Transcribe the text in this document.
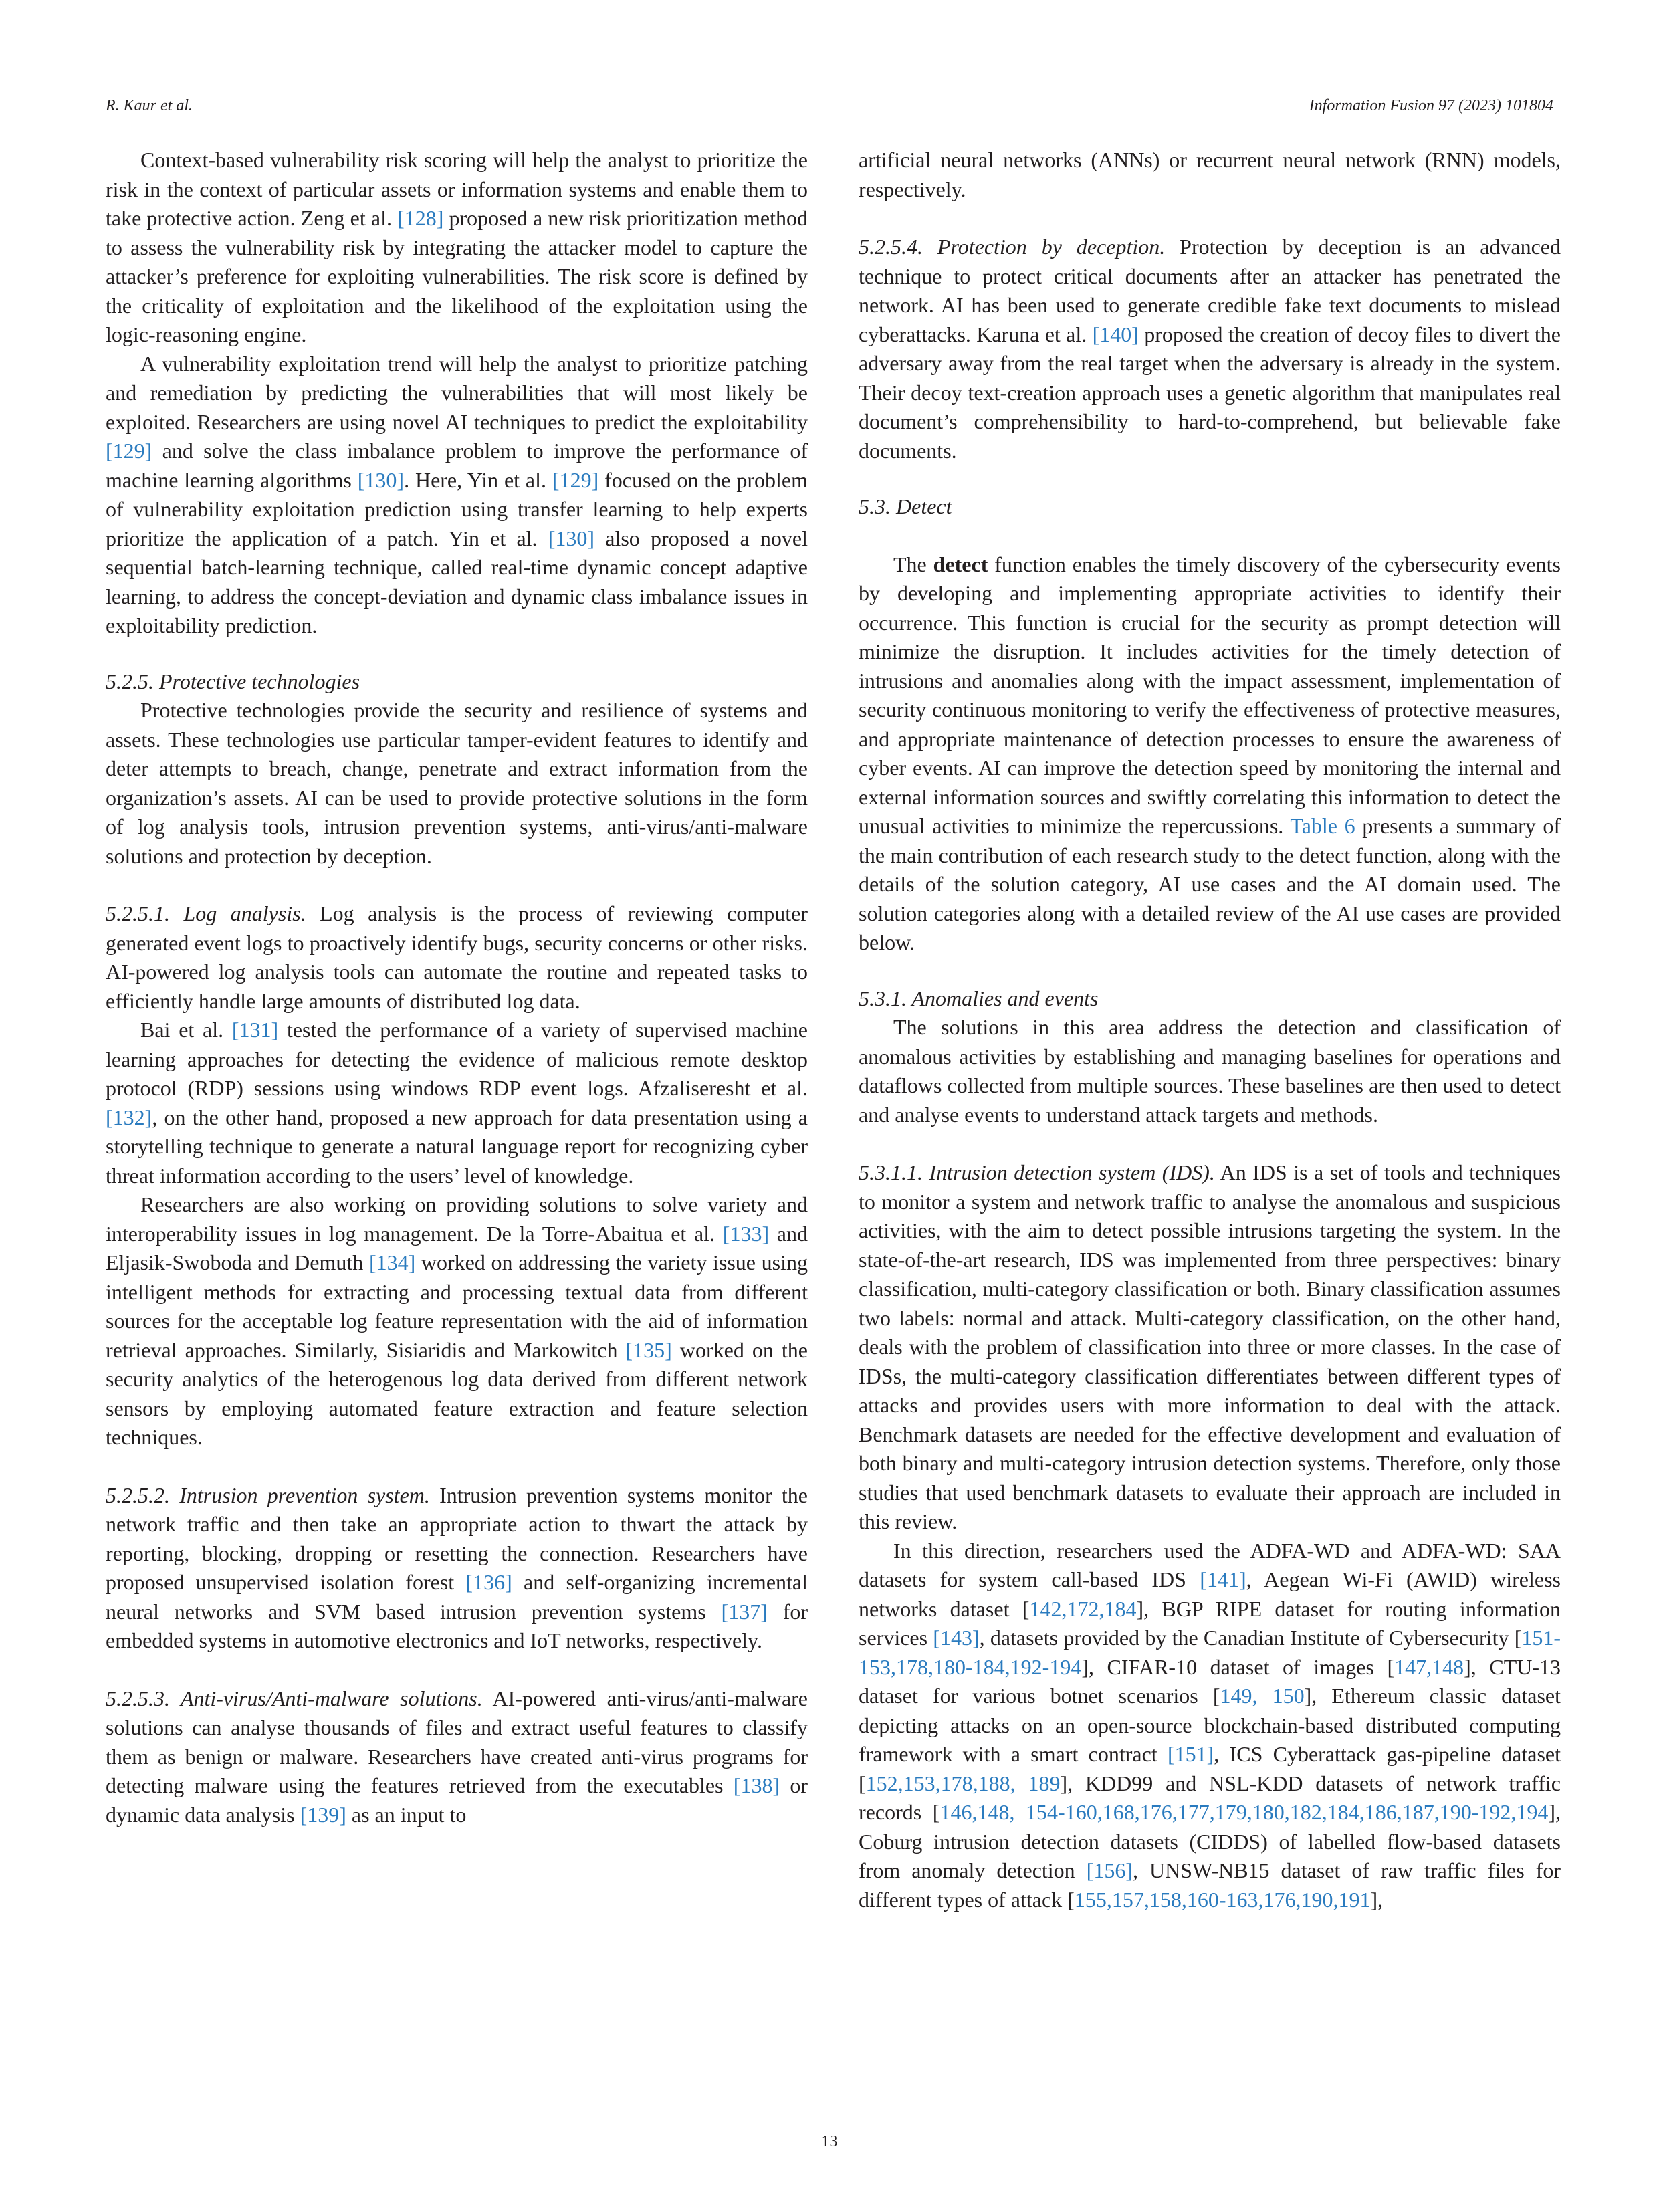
R. Kaur et al.	Information Fusion 97 (2023) 101804

Context-based vulnerability risk scoring will help the analyst to prioritize the risk in the context of particular assets or information systems and enable them to take protective action. Zeng et al. [128] proposed a new risk prioritization method to assess the vulnerability risk by integrating the attacker model to capture the attacker’s preference for exploiting vulnerabilities. The risk score is defined by the criticality of exploitation and the likelihood of the exploitation using the logic-reasoning engine.

A vulnerability exploitation trend will help the analyst to prioritize patching and remediation by predicting the vulnerabilities that will most likely be exploited. Researchers are using novel AI techniques to predict the exploitability [129] and solve the class imbalance problem to improve the performance of machine learning algorithms [130]. Here, Yin et al. [129] focused on the problem of vulnerability exploitation prediction using transfer learning to help experts prioritize the application of a patch. Yin et al. [130] also proposed a novel sequential batch-learning technique, called real-time dynamic concept adaptive learning, to address the concept-deviation and dynamic class imbalance issues in exploitability prediction.

5.2.5. Protective technologies

Protective technologies provide the security and resilience of systems and assets. These technologies use particular tamper-evident features to identify and deter attempts to breach, change, penetrate and extract information from the organization’s assets. AI can be used to provide protective solutions in the form of log analysis tools, intrusion prevention systems, anti-virus/anti-malware solutions and protection by deception.

5.2.5.1. Log analysis. Log analysis is the process of reviewing computer generated event logs to proactively identify bugs, security concerns or other risks. AI-powered log analysis tools can automate the routine and repeated tasks to efficiently handle large amounts of distributed log data.

Bai et al. [131] tested the performance of a variety of supervised machine learning approaches for detecting the evidence of malicious remote desktop protocol (RDP) sessions using windows RDP event logs. Afzaliseresht et al. [132], on the other hand, proposed a new approach for data presentation using a storytelling technique to generate a natural language report for recognizing cyber threat information according to the users’ level of knowledge.

Researchers are also working on providing solutions to solve variety and interoperability issues in log management. De la Torre-Abaitua et al. [133] and Eljasik-Swoboda and Demuth [134] worked on addressing the variety issue using intelligent methods for extracting and processing textual data from different sources for the acceptable log feature representation with the aid of information retrieval approaches. Similarly, Sisiaridis and Markowitch [135] worked on the security analytics of the heterogenous log data derived from different network sensors by employing automated feature extraction and feature selection techniques.

5.2.5.2. Intrusion prevention system. Intrusion prevention systems monitor the network traffic and then take an appropriate action to thwart the attack by reporting, blocking, dropping or resetting the connection. Researchers have proposed unsupervised isolation forest [136] and self-organizing incremental neural networks and SVM based intrusion prevention systems [137] for embedded systems in automotive electronics and IoT networks, respectively.

5.2.5.3. Anti-virus/Anti-malware solutions. AI-powered anti-virus/anti-malware solutions can analyse thousands of files and extract useful features to classify them as benign or malware. Researchers have created anti-virus programs for detecting malware using the features retrieved from the executables [138] or dynamic data analysis [139] as an input to

artificial neural networks (ANNs) or recurrent neural network (RNN) models, respectively.

5.2.5.4. Protection by deception. Protection by deception is an advanced technique to protect critical documents after an attacker has penetrated the network. AI has been used to generate credible fake text documents to mislead cyberattacks. Karuna et al. [140] proposed the creation of decoy files to divert the adversary away from the real target when the adversary is already in the system. Their decoy text-creation approach uses a genetic algorithm that manipulates real document’s comprehensibility to hard-to-comprehend, but believable fake documents.

5.3. Detect

The detect function enables the timely discovery of the cybersecurity events by developing and implementing appropriate activities to identify their occurrence. This function is crucial for the security as prompt detection will minimize the disruption. It includes activities for the timely detection of intrusions and anomalies along with the impact assessment, implementation of security continuous monitoring to verify the effectiveness of protective measures, and appropriate maintenance of detection processes to ensure the awareness of cyber events. AI can improve the detection speed by monitoring the internal and external information sources and swiftly correlating this information to detect the unusual activities to minimize the repercussions. Table 6 presents a summary of the main contribution of each research study to the detect function, along with the details of the solution category, AI use cases and the AI domain used. The solution categories along with a detailed review of the AI use cases are provided below.

5.3.1. Anomalies and events

The solutions in this area address the detection and classification of anomalous activities by establishing and managing baselines for operations and dataflows collected from multiple sources. These baselines are then used to detect and analyse events to understand attack targets and methods.

5.3.1.1. Intrusion detection system (IDS). An IDS is a set of tools and techniques to monitor a system and network traffic to analyse the anomalous and suspicious activities, with the aim to detect possible intrusions targeting the system. In the state-of-the-art research, IDS was implemented from three perspectives: binary classification, multi-category classification or both. Binary classification assumes two labels: normal and attack. Multi-category classification, on the other hand, deals with the problem of classification into three or more classes. In the case of IDSs, the multi-category classification differentiates between different types of attacks and provides users with more information to deal with the attack. Benchmark datasets are needed for the effective development and evaluation of both binary and multi-category intrusion detection systems. Therefore, only those studies that used benchmark datasets to evaluate their approach are included in this review.

In this direction, researchers used the ADFA-WD and ADFA-WD: SAA datasets for system call-based IDS [141], Aegean Wi-Fi (AWID) wireless networks dataset [142,172,184], BGP RIPE dataset for routing information services [143], datasets provided by the Canadian Institute of Cybersecurity [151-153,178,180-184,192-194], CIFAR-10 dataset of images [147,148], CTU-13 dataset for various botnet scenarios [149, 150], Ethereum classic dataset depicting attacks on an open-source blockchain-based distributed computing framework with a smart contract [151], ICS Cyberattack gas-pipeline dataset [152,153,178,188, 189], KDD99 and NSL-KDD datasets of network traffic records [146,148, 154-160,168,176,177,179,180,182,184,186,187,190-192,194], Coburg intrusion detection datasets (CIDDS) of labelled flow-based datasets from anomaly detection [156], UNSW-NB15 dataset of raw traffic files for different types of attack [155,157,158,160-163,176,190,191],

13
